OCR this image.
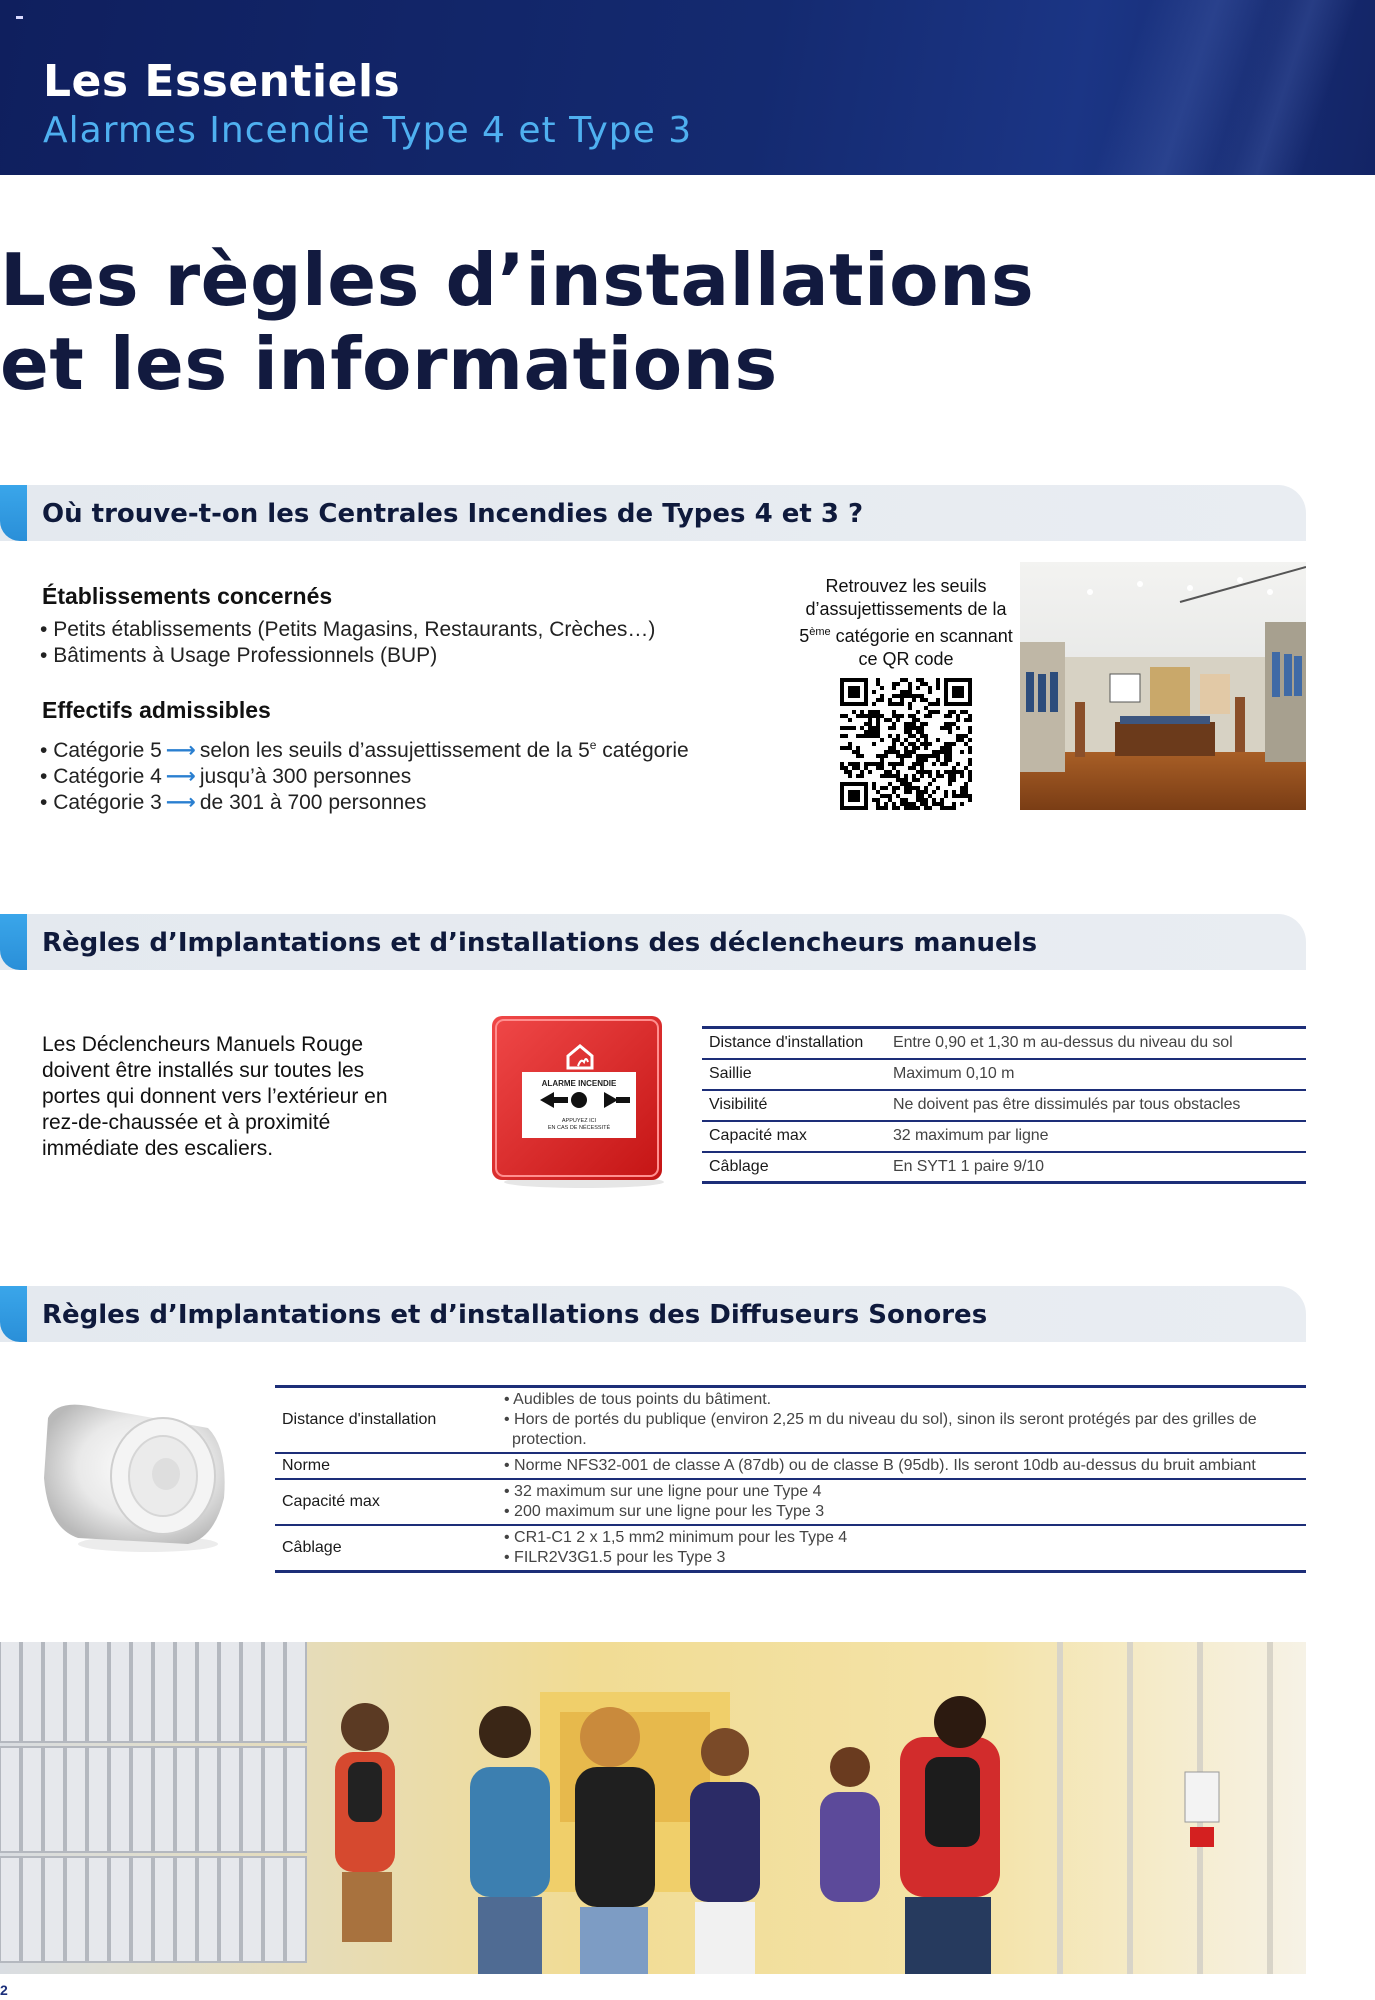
Les Essentiels
Alarmes Incendie Type 4 et Type 3
Les règles d’installations
et les informations
Où trouve-t-on les Centrales Incendies de Types 4 et 3 ?
Établissements concernés
• Petits établissements (Petits Magasins, Restaurants, Crèches…)
• Bâtiments à Usage Professionnels (BUP)
Effectifs admissibles
• Catégorie 5 ⟶ selon les seuils d’assujettissement de la 5e catégorie
• Catégorie 4 ⟶ jusqu’à 300 personnes
• Catégorie 3 ⟶ de 301 à 700 personnes
Retrouvez les seuils d’assujettissements de la 5ème catégorie en scannant ce QR code
Règles d’Implantations et d’installations des déclencheurs manuels
Les Déclencheurs Manuels Rouge doivent être installés sur toutes les portes qui donnent vers l’extérieur en rez-de-chaussée et à proximité immédiate des escaliers.
ALARME INCENDIE
APPUYEZ ICI
EN CAS DE NÉCESSITÉ
Distance d'installation	Entre 0,90 et 1,30 m au-dessus du niveau du sol
Saillie	Maximum 0,10 m
Visibilité	Ne doivent pas être dissimulés par tous obstacles
Capacité max	32 maximum par ligne
Câblage	En SYT1 1 paire 9/10
Règles d’Implantations et d’installations des Diffuseurs Sonores
Distance d'installation	• Audibles de tous points du bâtiment.
• Hors de portés du publique (environ 2,25 m du niveau du sol), sinon ils seront protégés par des grilles de protection.

Norme	• Norme NFS32-001 de classe A (87db) ou de classe B (95db). Ils seront 10db au-dessus du bruit ambiant

Capacité max	• 32 maximum sur une ligne pour une Type 4
• 200 maximum sur une ligne pour les Type 3

Câblage	• CR1-C1 2 x 1,5 mm2 minimum pour les Type 4
• FILR2V3G1.5 pour les Type 3
2
